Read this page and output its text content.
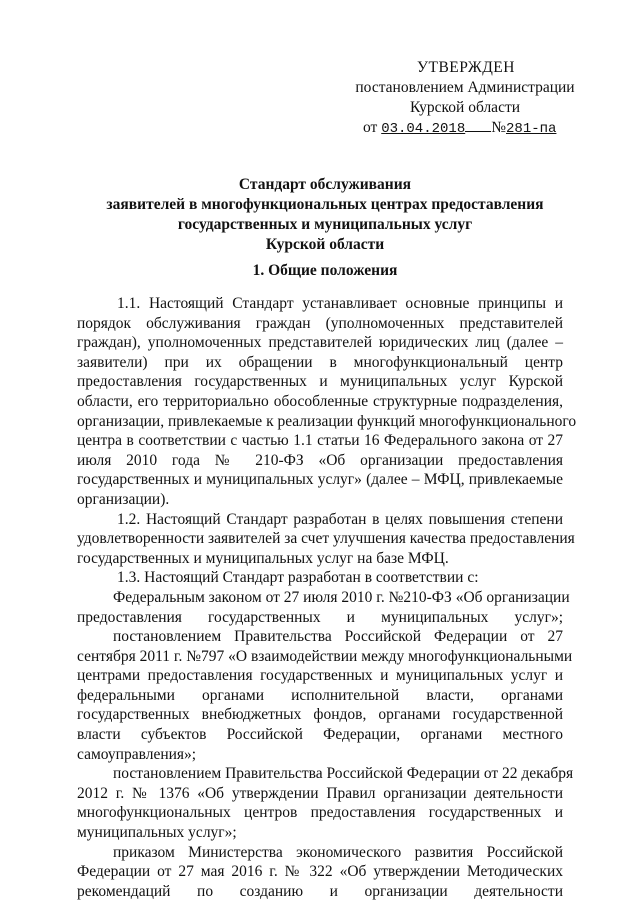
УТВЕРЖДЕН
постановлением Администрации
Курской области
от 03.04.2018 №281-па
Стандарт обслуживания
заявителей в многофункциональных центрах предоставления
государственных и муниципальных услуг
Курской области
1. Общие положения
1.1. Настоящий Стандарт устанавливает основные принципы и
порядок обслуживания граждан (уполномоченных представителей
граждан), уполномоченных представителей юридических лиц (далее –
заявители) при их обращении в многофункциональный центр
предоставления государственных и муниципальных услуг Курской
области, его территориально обособленные структурные подразделения,
организации, привлекаемые к реализации функций многофункционального
центра в соответствии с частью 1.1 статьи 16 Федерального закона от 27
июля 2010 года № 210-ФЗ «Об организации предоставления
государственных и муниципальных услуг» (далее – МФЦ, привлекаемые
организации).
1.2. Настоящий Стандарт разработан в целях повышения степени
удовлетворенности заявителей за счет улучшения качества предоставления
государственных и муниципальных услуг на базе МФЦ.
1.3. Настоящий Стандарт разработан в соответствии с:
Федеральным законом от 27 июля 2010 г. №210-ФЗ «Об организации
предоставления государственных и муниципальных услуг»;
постановлением Правительства Российской Федерации от 27
сентября 2011 г. №797 «О взаимодействии между многофункциональными
центрами предоставления государственных и муниципальных услуг и
федеральными органами исполнительной власти, органами
государственных внебюджетных фондов, органами государственной
власти субъектов Российской Федерации, органами местного
самоуправления»;
постановлением Правительства Российской Федерации от 22 декабря
2012 г. № 1376 «Об утверждении Правил организации деятельности
многофункциональных центров предоставления государственных и
муниципальных услуг»;
приказом Министерства экономического развития Российской
Федерации от 27 мая 2016 г. № 322 «Об утверждении Методических
рекомендаций по созданию и организации деятельности
